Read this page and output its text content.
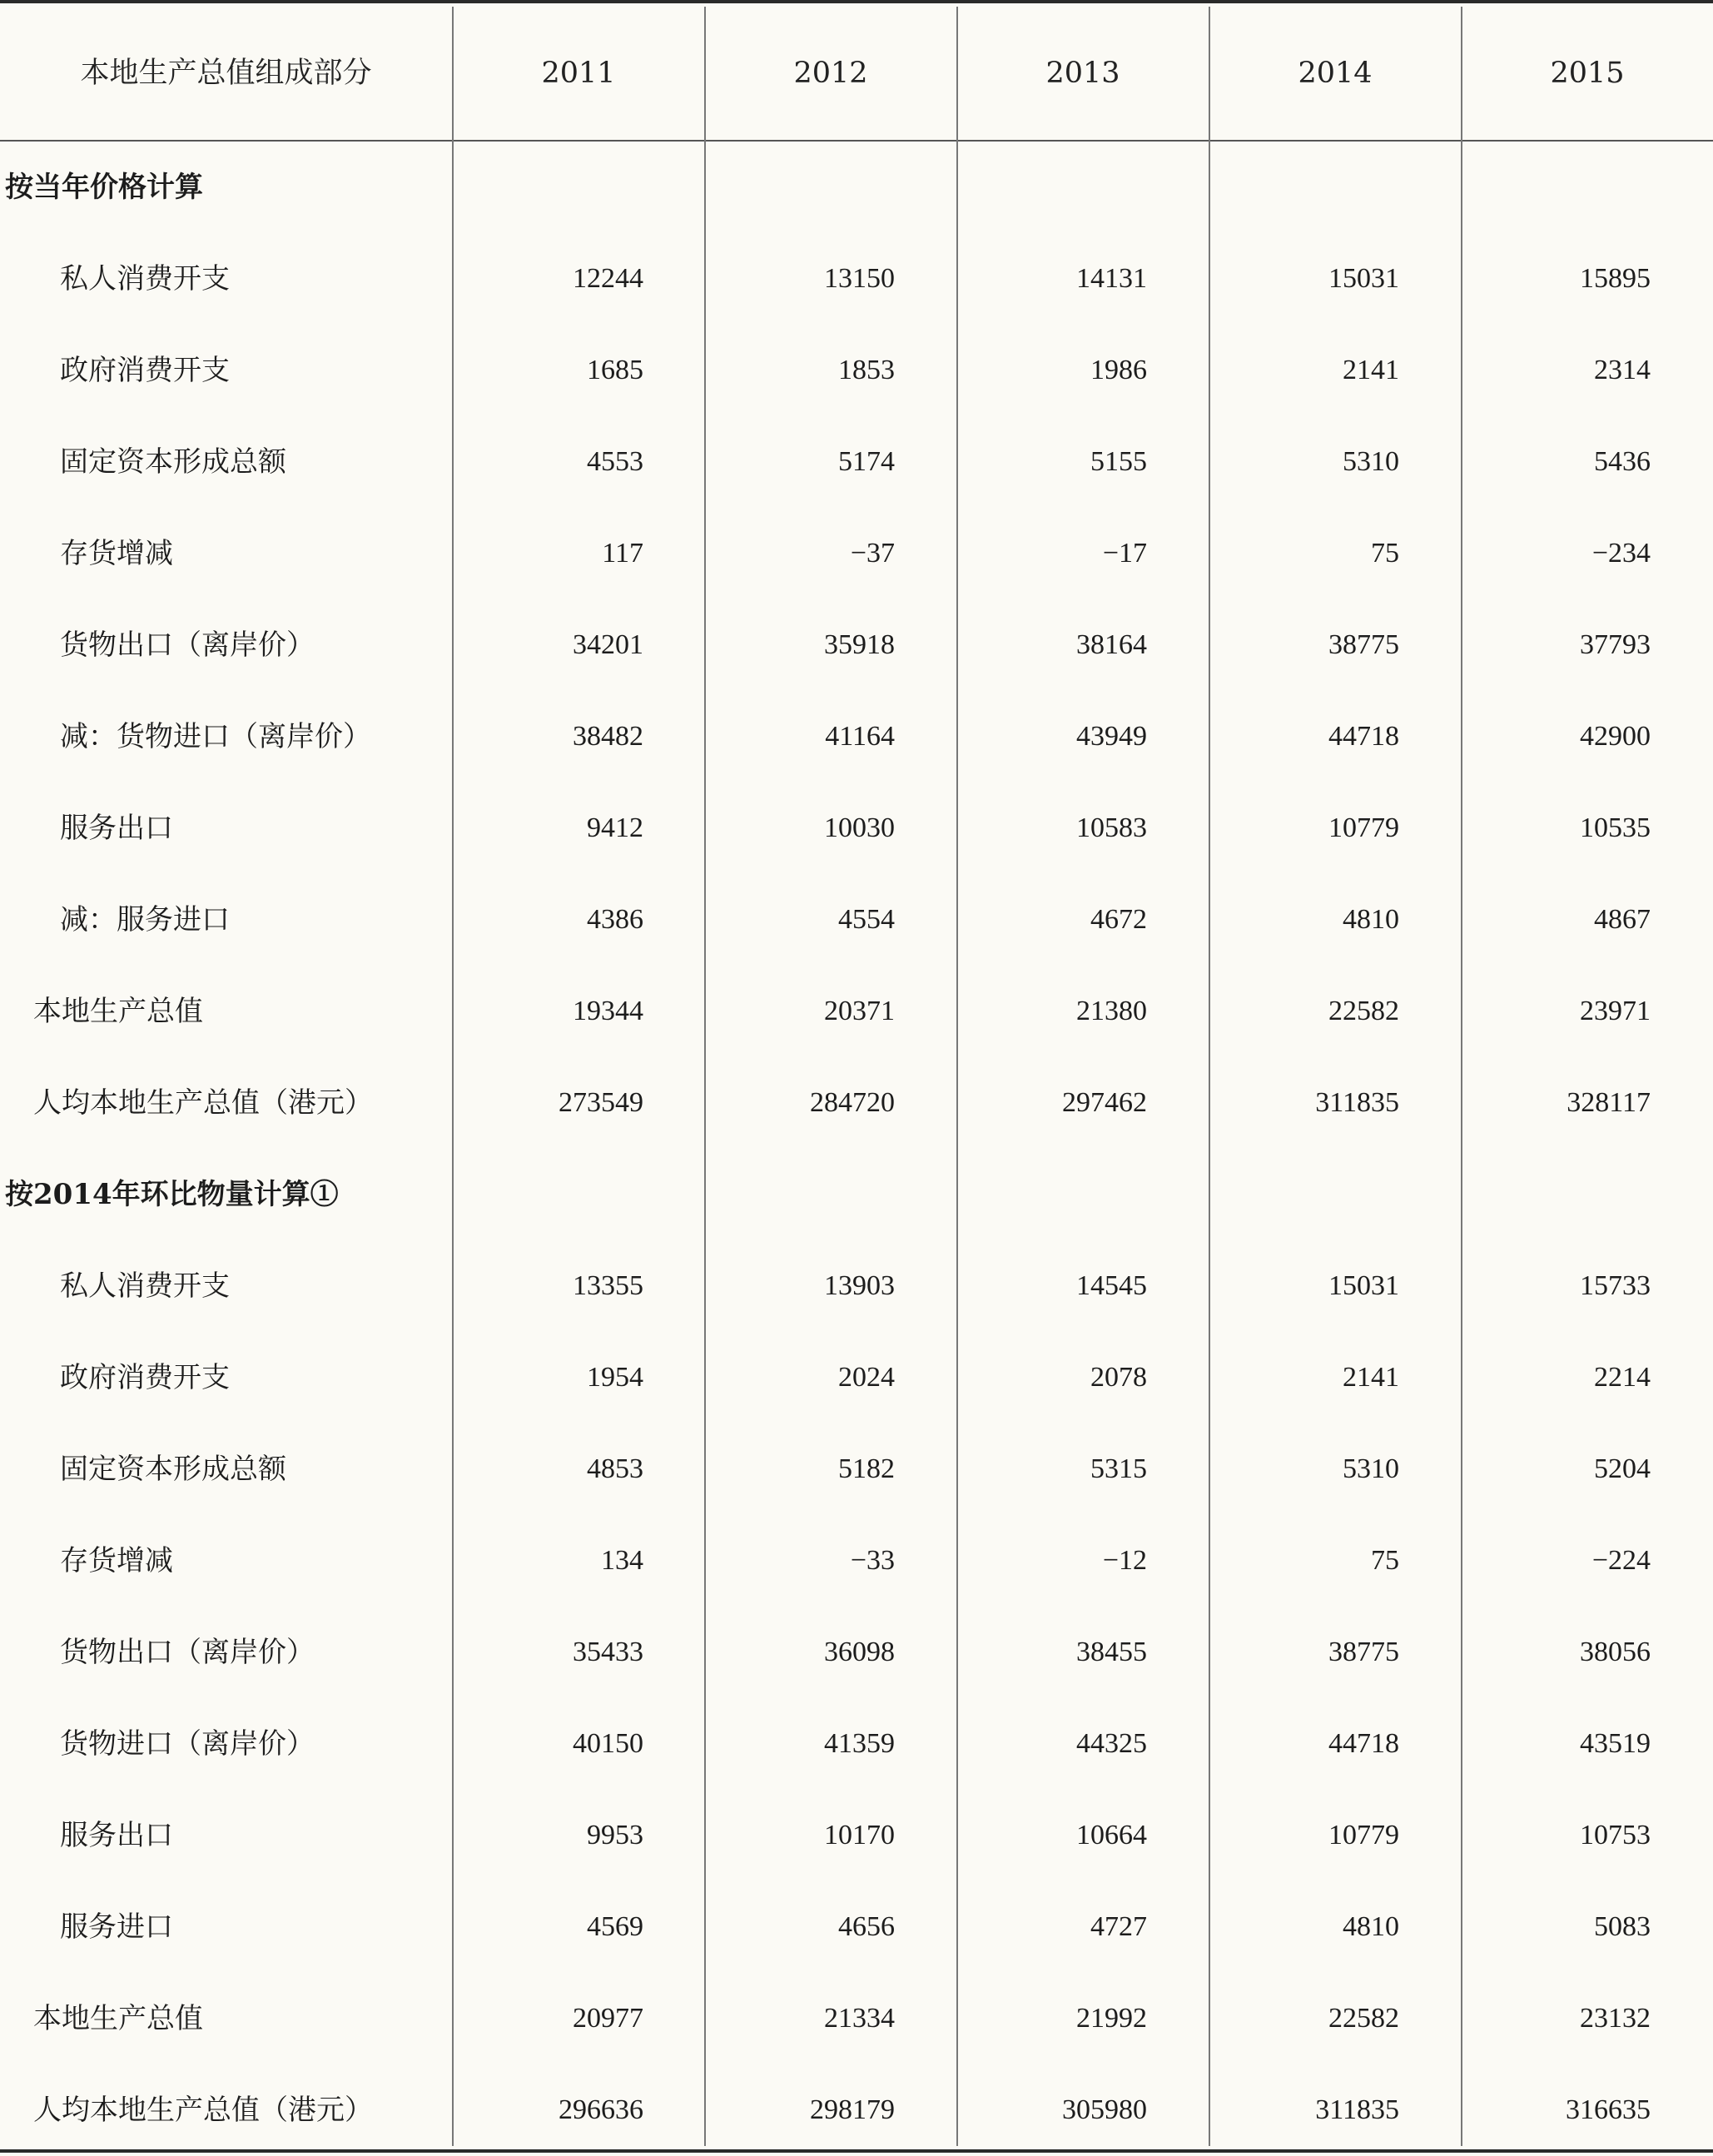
本地生产总值组成部分	2011	2012	2013	2014	2015
按当年价格计算
私人消费开支	12244	13150	14131	15031	15895
政府消费开支	1685	1853	1986	2141	2314
固定资本形成总额	4553	5174	5155	5310	5436
存货增减	117	−37	−17	75	−234
货物出口（离岸价）	34201	35918	38164	38775	37793
减：货物进口（离岸价）	38482	41164	43949	44718	42900
服务出口	9412	10030	10583	10779	10535
减：服务进口	4386	4554	4672	4810	4867
本地生产总值	19344	20371	21380	22582	23971
人均本地生产总值（港元）	273549	284720	297462	311835	328117
按2014年环比物量计算①
私人消费开支	13355	13903	14545	15031	15733
政府消费开支	1954	2024	2078	2141	2214
固定资本形成总额	4853	5182	5315	5310	5204
存货增减	134	−33	−12	75	−224
货物出口（离岸价）	35433	36098	38455	38775	38056
货物进口（离岸价）	40150	41359	44325	44718	43519
服务出口	9953	10170	10664	10779	10753
服务进口	4569	4656	4727	4810	5083
本地生产总值	20977	21334	21992	22582	23132
人均本地生产总值（港元）	296636	298179	305980	311835	316635
